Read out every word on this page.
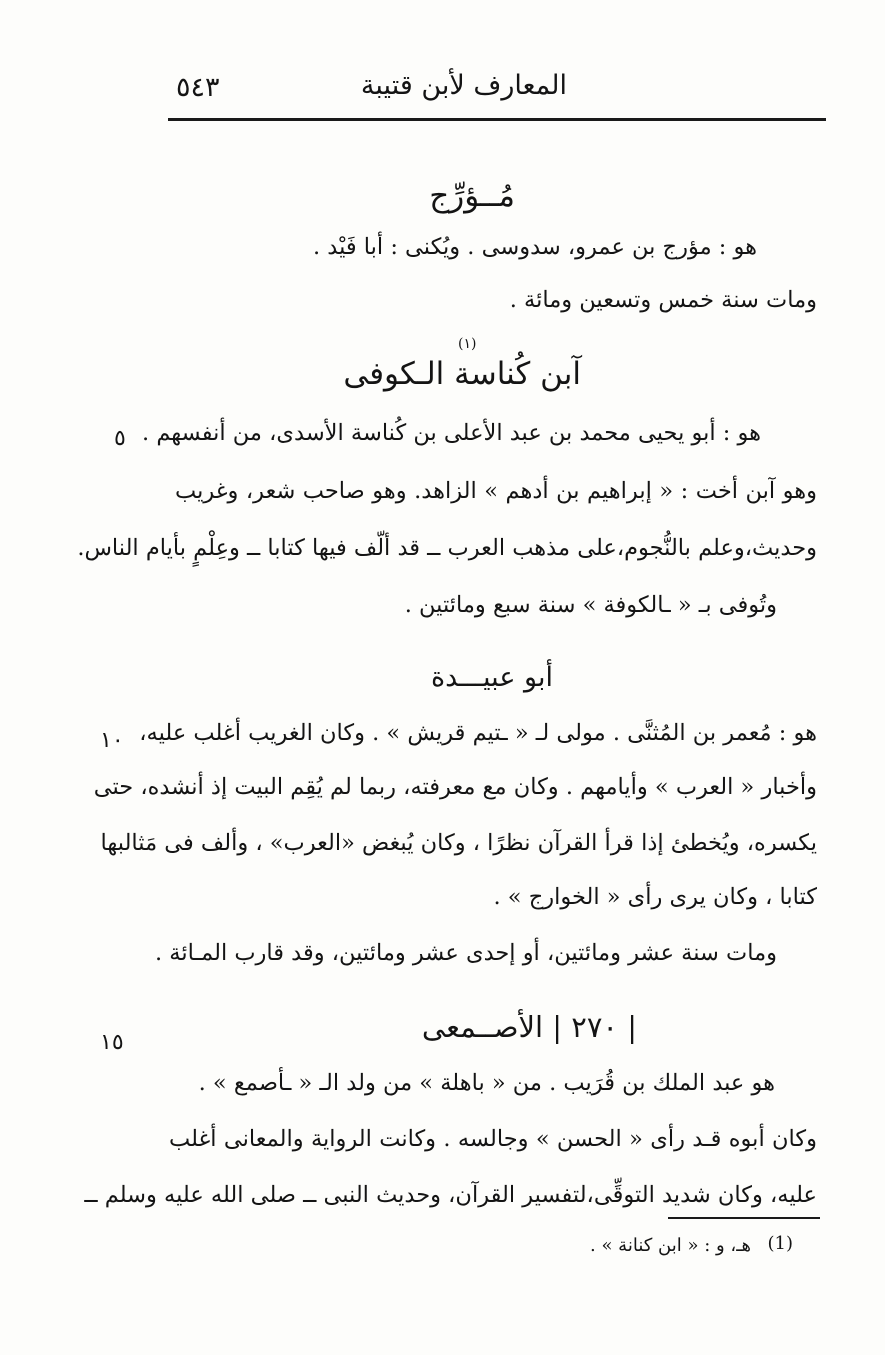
٥٤٣	المعارف لأبن قتيبة
مُــؤرِّج
هو : مؤرج بن عمرو، سدوسى . ويُكنى : أبا فَيْد .
ومات سنة خمس وتسعين ومائة .
(١)
آبن كُناسة الـكوفى
٥ هو : أبو يحيى محمد بن عبد الأعلى بن كُناسة الأسدى، من أنفسهم .
وهو آبن أخت : « إبراهيم بن أدهم » الزاهد. وهو صاحب شعر، وغريب
وحديث،وعلم بالنُّجوم،على مذهب العرب ــ قد ألّف فيها كتابا ــ وعِلْمٍ بأيام الناس.
وتُوفى بـ « ـالكوفة » سنة سبع ومائتين .
أبو عبيـــدة
١٠ هو : مُعمر بن المُثنَّى . مولى لـ « ـتيم قريش » . وكان الغريب أغلب عليه،
وأخبار « العرب » وأيامهم . وكان مع معرفته، ربما لم يُقِم البيت إذ أنشده، حتى
يكسره، ويُخطئ إذا قرأ القرآن نظرًا ، وكان يُبغض «العرب» ، وألف فى مَثالبها
كتابا ، وكان يرى رأى « الخوارج » .
ومات سنة عشر ومائتين، أو إحدى عشر ومائتين، وقد قارب المـائة .
١٥	| ٢٧٠ | الأصــمعى
هو عبد الملك بن قُرَيب . من « باهلة » من ولد الـ « ـأصمع » .
وكان أبوه قـد رأى « الحسن » وجالسه . وكانت الرواية والمعانى أغلب
عليه، وكان شديد التوقِّى،لتفسير القرآن، وحديث النبى ــ صلى الله عليه وسلم ــ
(1)
هـ، و : « ابن كنانة » .
